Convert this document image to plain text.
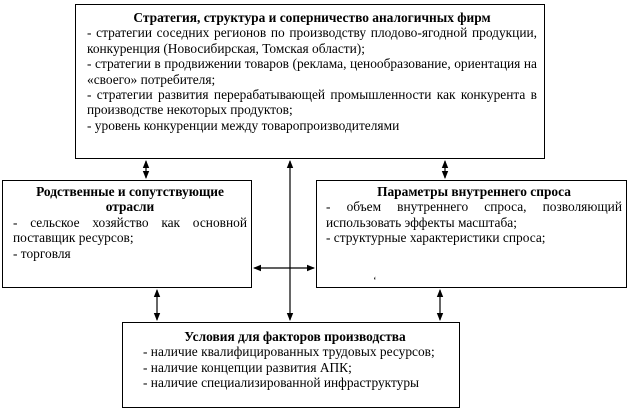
Стратегия, структура и соперничество аналогичных фирм

- стратегии соседних регионов по производству плодово-ягодной продукции, конкуренция (Новосибирская, Томская области);

- стратегии в продвижении товаров (реклама, ценообразование, ориентация на «своего» потребителя;

- стратегии развития перерабатывающей промышленности как конкурента в производстве некоторых продуктов;

- уровень конкуренции между товаропроизводителями

Родственные и сопутствующие отрасли

- сельское хозяйство как основной поставщик ресурсов;

- торговля

Параметры внутреннего спроса

- объем внутреннего спроса, позволяющий использовать эффекты масштаба;

- структурные характеристики спроса;

Условия для факторов производства

- наличие квалифицированных трудовых ресурсов;

- наличие концепции развития АПК;

- наличие специализированной инфраструктуры

‘
